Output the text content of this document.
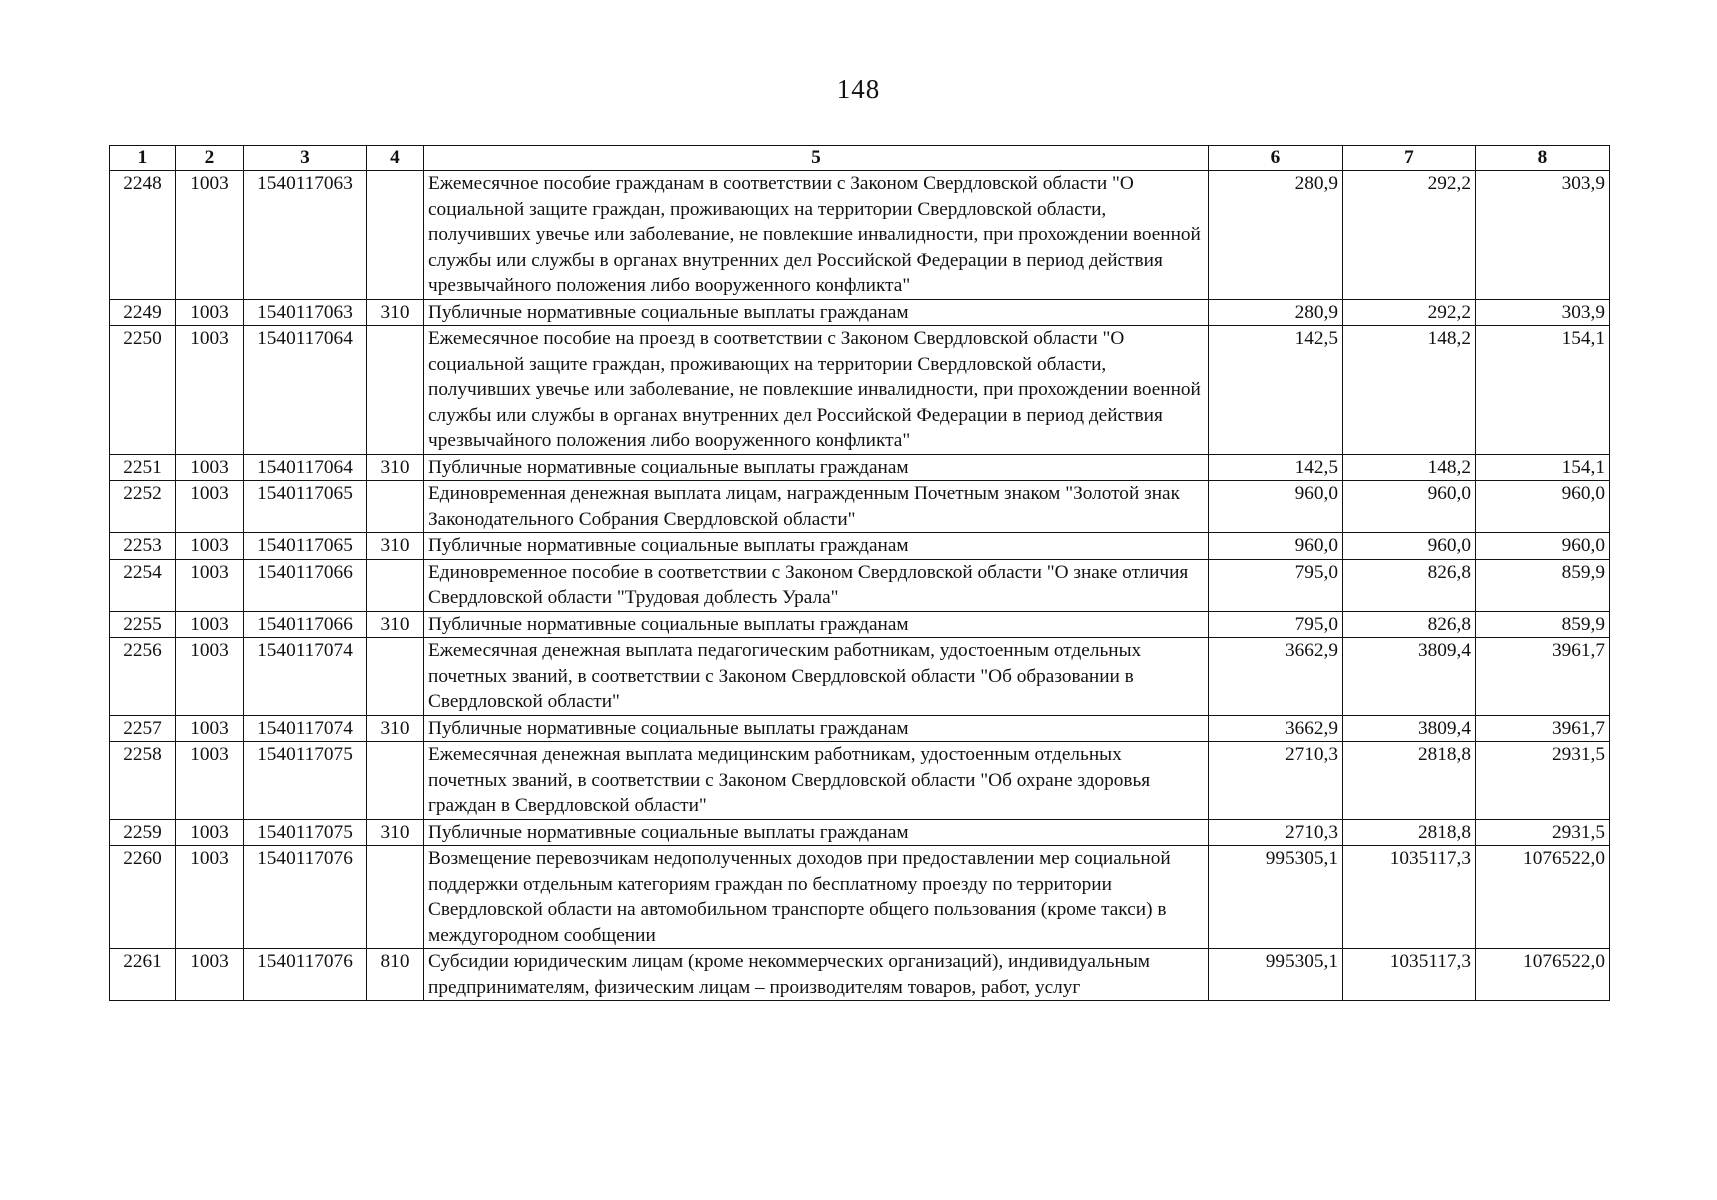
148
1	2	3	4	5	6	7	8
2248	1003	1540117063		Ежемесячное пособие гражданам в соответствии с Законом Свердловской области "О социальной защите граждан, проживающих на территории Свердловской области, получивших увечье или заболевание, не повлекшие инвалидности, при прохождении военной службы или службы в органах внутренних дел Российской Федерации в период действия чрезвычайного положения либо вооруженного конфликта"	280,9	292,2	303,9
2249	1003	1540117063	310	Публичные нормативные социальные выплаты гражданам	280,9	292,2	303,9
2250	1003	1540117064		Ежемесячное пособие на проезд в соответствии с Законом Свердловской области "О социальной защите граждан, проживающих на территории Свердловской области, получивших увечье или заболевание, не повлекшие инвалидности, при прохождении военной службы или службы в органах внутренних дел Российской Федерации в период действия чрезвычайного положения либо вооруженного конфликта"	142,5	148,2	154,1
2251	1003	1540117064	310	Публичные нормативные социальные выплаты гражданам	142,5	148,2	154,1
2252	1003	1540117065		Единовременная денежная выплата лицам, награжденным Почетным знаком "Золотой знак Законодательного Собрания Свердловской области"	960,0	960,0	960,0
2253	1003	1540117065	310	Публичные нормативные социальные выплаты гражданам	960,0	960,0	960,0
2254	1003	1540117066		Единовременное пособие в соответствии с Законом Свердловской области "О знаке отличия Свердловской области "Трудовая доблесть Урала"	795,0	826,8	859,9
2255	1003	1540117066	310	Публичные нормативные социальные выплаты гражданам	795,0	826,8	859,9
2256	1003	1540117074		Ежемесячная денежная выплата педагогическим работникам, удостоенным отдельных почетных званий, в соответствии с Законом Свердловской области "Об образовании в Свердловской области"	3662,9	3809,4	3961,7
2257	1003	1540117074	310	Публичные нормативные социальные выплаты гражданам	3662,9	3809,4	3961,7
2258	1003	1540117075		Ежемесячная денежная выплата медицинским работникам, удостоенным отдельных почетных званий, в соответствии с Законом Свердловской области "Об охране здоровья граждан в Свердловской области"	2710,3	2818,8	2931,5
2259	1003	1540117075	310	Публичные нормативные социальные выплаты гражданам	2710,3	2818,8	2931,5
2260	1003	1540117076		Возмещение перевозчикам недополученных доходов при предоставлении мер социальной поддержки отдельным категориям граждан по бесплатному проезду по территории Свердловской области на автомобильном транспорте общего пользования (кроме такси) в междугородном сообщении	995305,1	1035117,3	1076522,0
2261	1003	1540117076	810	Субсидии юридическим лицам (кроме некоммерческих организаций), индивидуальным предпринимателям, физическим лицам – производителям товаров, работ, услуг	995305,1	1035117,3	1076522,0
